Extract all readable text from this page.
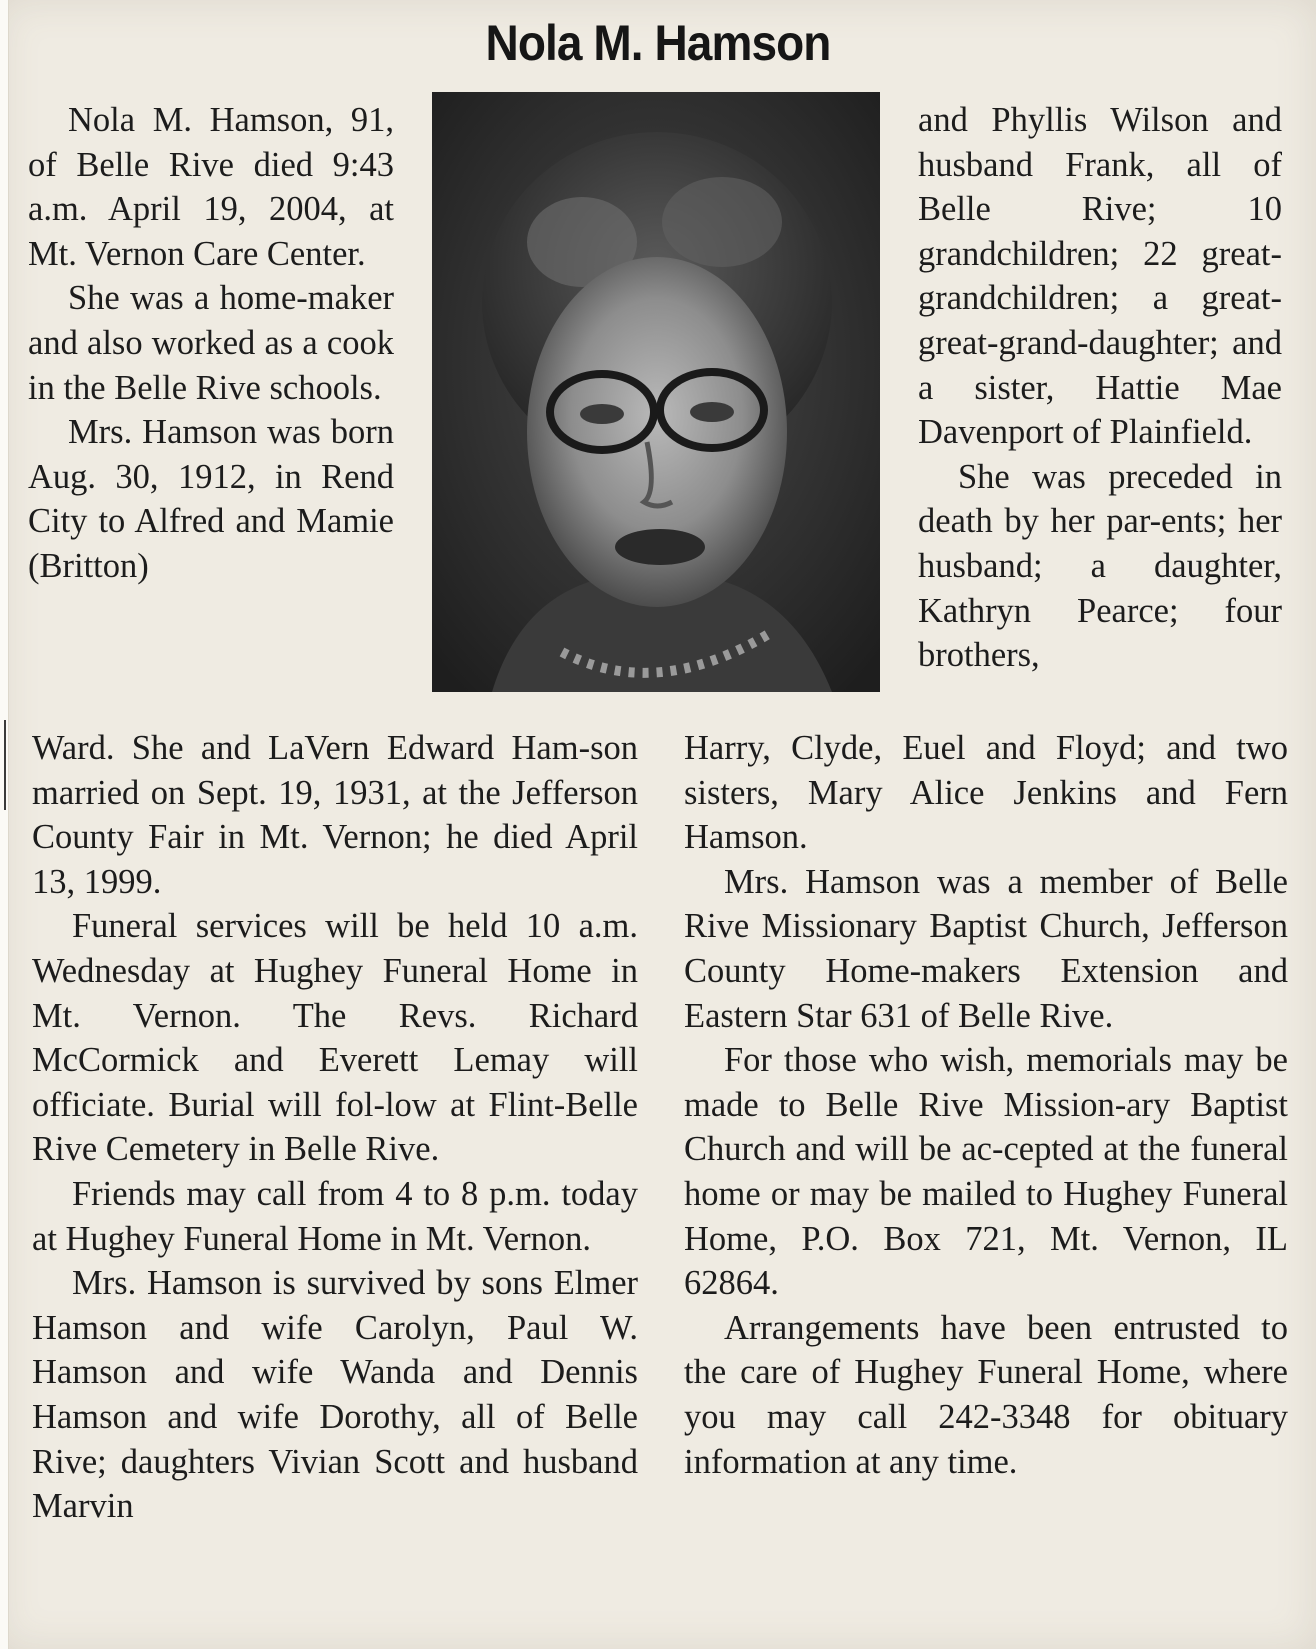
Nola M. Hamson

Nola M. Hamson, 91, of Belle Rive died 9:43 a.m. April 19, 2004, at Mt. Vernon Care Center.

She was a home-maker and also worked as a cook in the Belle Rive schools.

Mrs. Hamson was born Aug. 30, 1912, in Rend City to Alfred and Mamie (Britton)

and Phyllis Wilson and husband Frank, all of Belle Rive; 10 grandchildren; 22 great-grandchildren; a great-great-grand-daughter; and a sister, Hattie Mae Davenport of Plainfield.

She was preceded in death by her par-ents; her husband; a daughter, Kathryn Pearce; four brothers,

Ward. She and LaVern Edward Ham-son married on Sept. 19, 1931, at the Jefferson County Fair in Mt. Vernon; he died April 13, 1999.

Funeral services will be held 10 a.m. Wednesday at Hughey Funeral Home in Mt. Vernon. The Revs. Richard McCormick and Everett Lemay will officiate. Burial will fol-low at Flint-Belle Rive Cemetery in Belle Rive.

Friends may call from 4 to 8 p.m. today at Hughey Funeral Home in Mt. Vernon.

Mrs. Hamson is survived by sons Elmer Hamson and wife Carolyn, Paul W. Hamson and wife Wanda and Dennis Hamson and wife Dorothy, all of Belle Rive; daughters Vivian Scott and husband Marvin

Harry, Clyde, Euel and Floyd; and two sisters, Mary Alice Jenkins and Fern Hamson.

Mrs. Hamson was a member of Belle Rive Missionary Baptist Church, Jefferson County Home-makers Extension and Eastern Star 631 of Belle Rive.

For those who wish, memorials may be made to Belle Rive Mission-ary Baptist Church and will be ac-cepted at the funeral home or may be mailed to Hughey Funeral Home, P.O. Box 721, Mt. Vernon, IL 62864.

Arrangements have been entrusted to the care of Hughey Funeral Home, where you may call 242-3348 for obituary information at any time.
